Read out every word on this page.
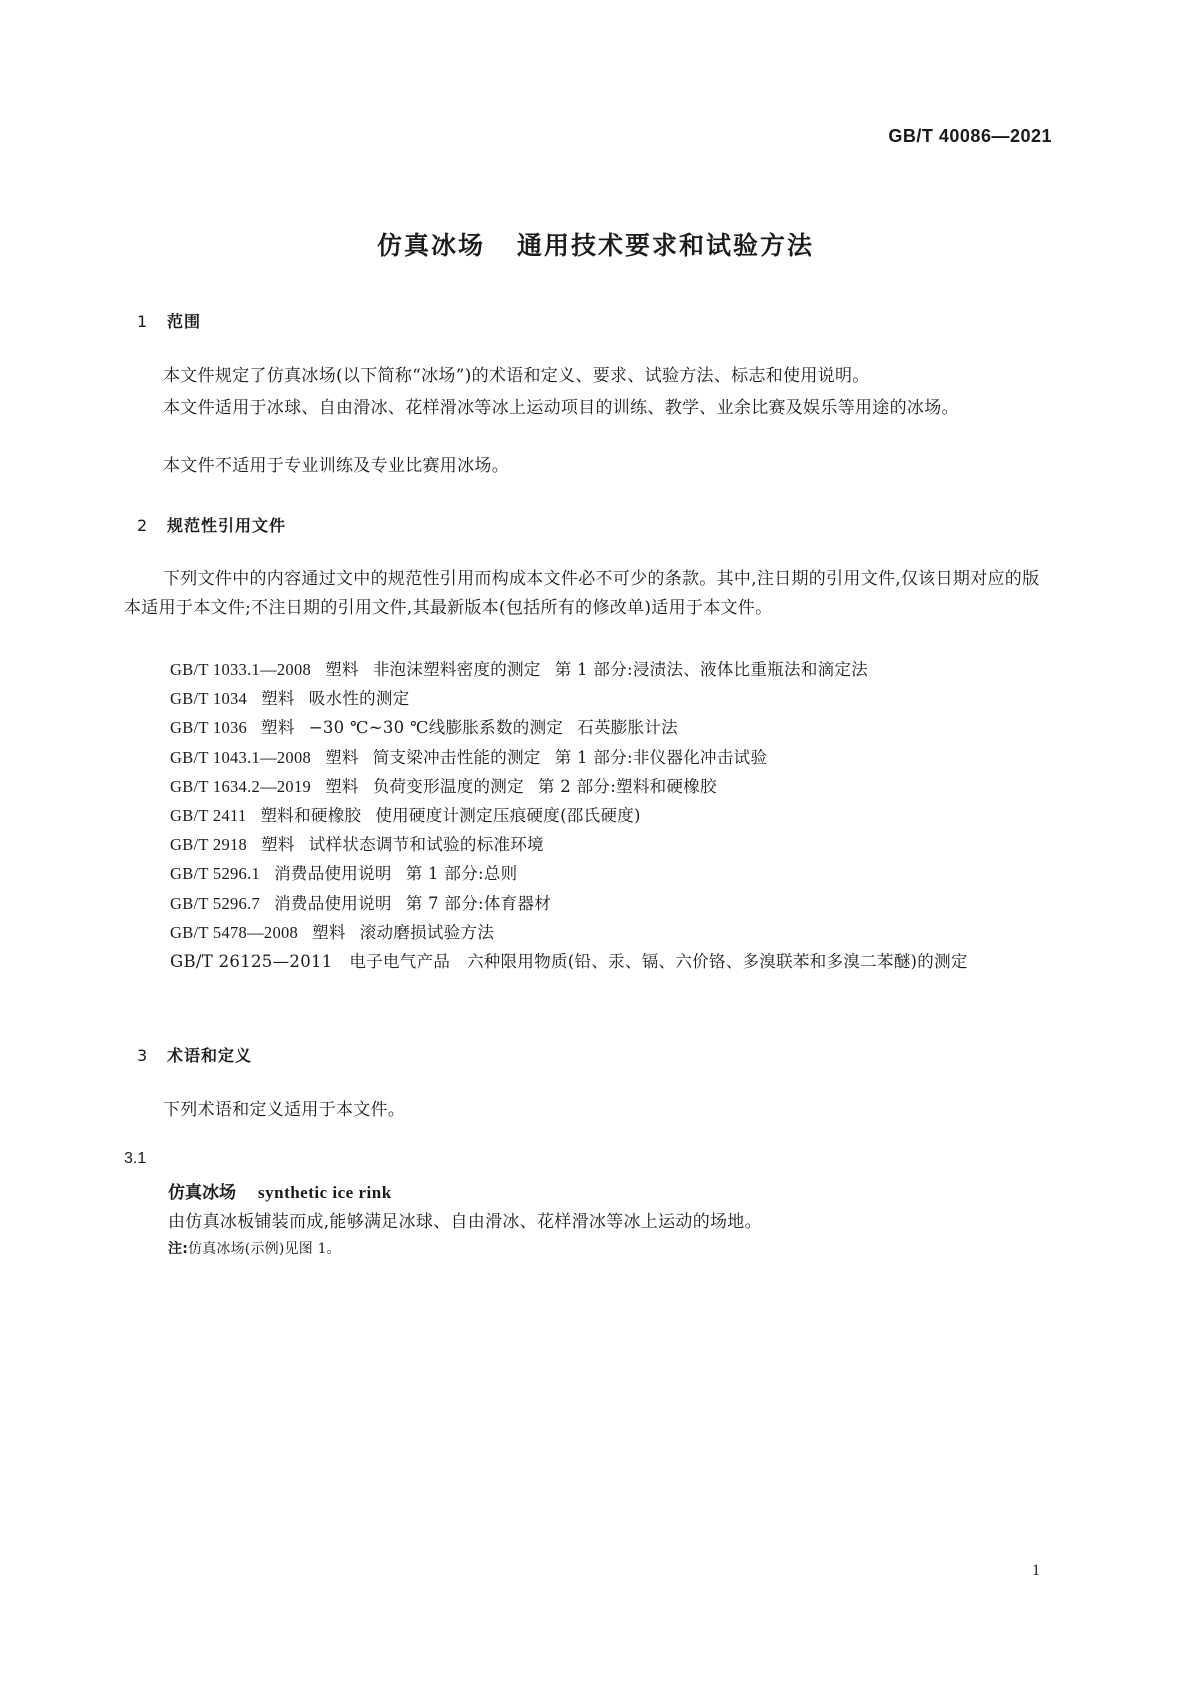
GB/T 40086—2021
仿真冰场 通用技术要求和试验方法
1 范围

本文件规定了仿真冰场(以下简称“冰场”)的术语和定义、要求、试验方法、标志和使用说明。

本文件适用于冰球、自由滑冰、花样滑冰等冰上运动项目的训练、教学、业余比赛及娱乐等用途的冰场。

本文件不适用于专业训练及专业比赛用冰场。

2 规范性引用文件

下列文件中的内容通过文中的规范性引用而构成本文件必不可少的条款。其中,注日期的引用文件,仅该日期对应的版本适用于本文件;不注日期的引用文件,其最新版本(包括所有的修改单)适用于本文件。

GB/T 1033.1—2008 塑料 非泡沫塑料密度的测定 第 1 部分:浸渍法、液体比重瓶法和滴定法
GB/T 1034 塑料 吸水性的测定
GB/T 1036 塑料 −30 ℃~30 ℃线膨胀系数的测定 石英膨胀计法
GB/T 1043.1—2008 塑料 简支梁冲击性能的测定 第 1 部分:非仪器化冲击试验
GB/T 1634.2—2019 塑料 负荷变形温度的测定 第 2 部分:塑料和硬橡胶
GB/T 2411 塑料和硬橡胶 使用硬度计测定压痕硬度(邵氏硬度)
GB/T 2918 塑料 试样状态调节和试验的标准环境
GB/T 5296.1 消费品使用说明 第 1 部分:总则
GB/T 5296.7 消费品使用说明 第 7 部分:体育器材
GB/T 5478—2008 塑料 滚动磨损试验方法
GB/T 26125—2011　电子电气产品　六种限用物质(铅、汞、镉、六价铬、多溴联苯和多溴二苯醚)的测定
3 术语和定义

下列术语和定义适用于本文件。

3.1
仿真冰场 synthetic ice rink
由仿真冰板铺装而成,能够满足冰球、自由滑冰、花样滑冰等冰上运动的场地。
注:仿真冰场(示例)见图 1。
1
